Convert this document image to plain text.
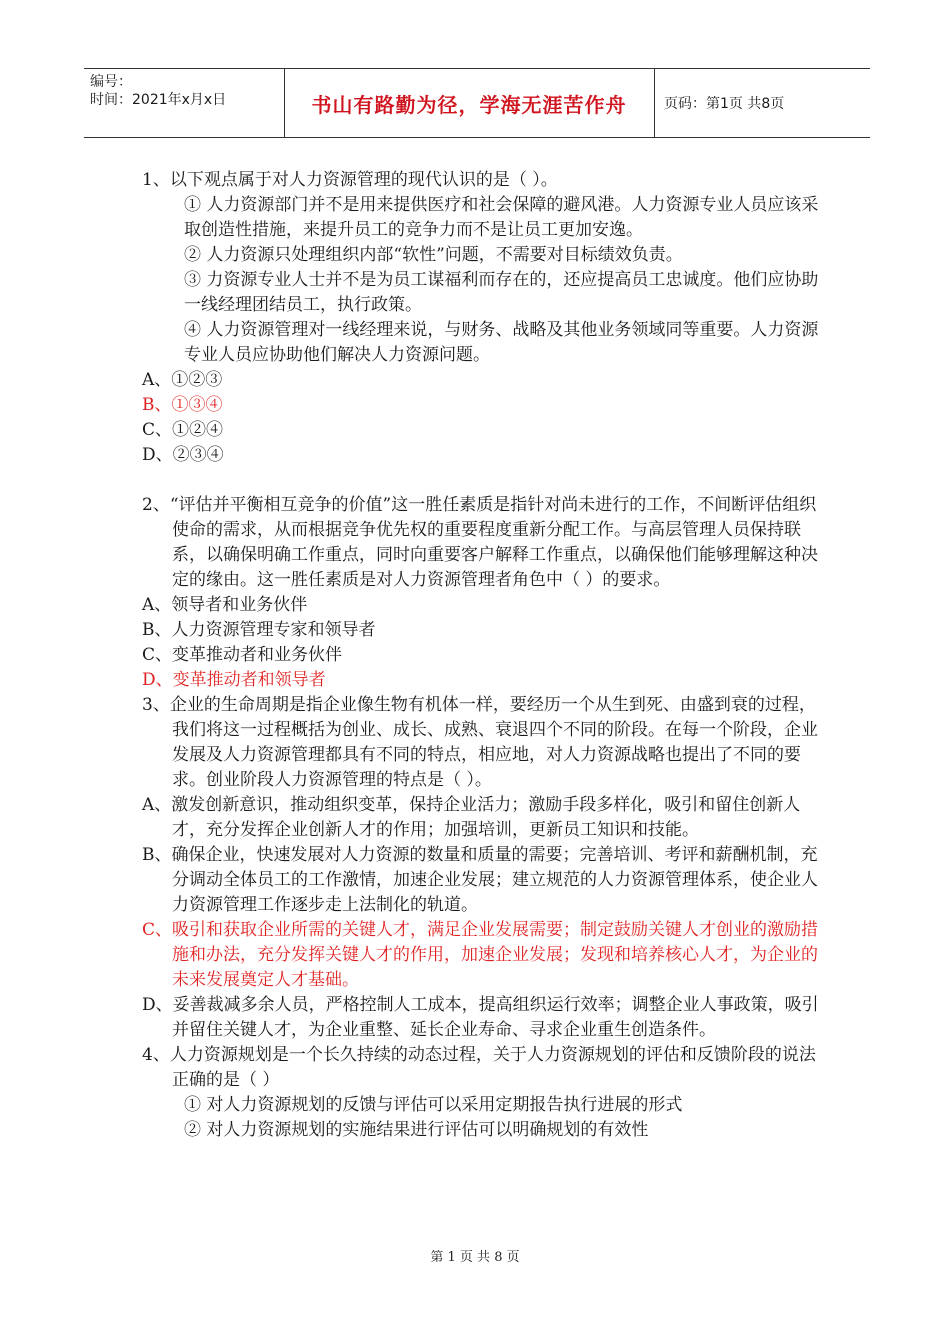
编号：
时间：2021年x月x日	书山有路勤为径，学海无涯苦作舟	页码：第1页 共8页

1、以下观点属于对人力资源管理的现代认识的是（ ）。

① 人力资源部门并不是用来提供医疗和社会保障的避风港。人力资源专业人员应该采取创造性措施，来提升员工的竞争力而不是让员工更加安逸。

② 人力资源只处理组织内部“软性”问题，不需要对目标绩效负责。

③ 力资源专业人士并不是为员工谋福利而存在的，还应提高员工忠诚度。他们应协助一线经理团结员工，执行政策。

④ 人力资源管理对一线经理来说，与财务、战略及其他业务领域同等重要。人力资源专业人员应协助他们解决人力资源问题。

A、①②③

B、①③④

C、①②④

D、②③④

2、“评估并平衡相互竞争的价值”这一胜任素质是指针对尚未进行的工作，不间断评估组织使命的需求，从而根据竞争优先权的重要程度重新分配工作。与高层管理人员保持联系，以确保明确工作重点，同时向重要客户解释工作重点，以确保他们能够理解这种决定的缘由。这一胜任素质是对人力资源管理者角色中（ ）的要求。

A、领导者和业务伙伴

B、人力资源管理专家和领导者

C、变革推动者和业务伙伴

D、变革推动者和领导者

3、企业的生命周期是指企业像生物有机体一样，要经历一个从生到死、由盛到衰的过程，我们将这一过程概括为创业、成长、成熟、衰退四个不同的阶段。在每一个阶段，企业发展及人力资源管理都具有不同的特点，相应地，对人力资源战略也提出了不同的要求。创业阶段人力资源管理的特点是（ ）。

A、激发创新意识，推动组织变革，保持企业活力；激励手段多样化，吸引和留住创新人才，充分发挥企业创新人才的作用；加强培训，更新员工知识和技能。

B、确保企业，快速发展对人力资源的数量和质量的需要；完善培训、考评和薪酬机制，充分调动全体员工的工作激情，加速企业发展；建立规范的人力资源管理体系，使企业人力资源管理工作逐步走上法制化的轨道。

C、吸引和获取企业所需的关键人才，满足企业发展需要；制定鼓励关键人才创业的激励措施和办法，充分发挥关键人才的作用，加速企业发展；发现和培养核心人才，为企业的未来发展奠定人才基础。

D、妥善裁减多余人员，严格控制人工成本，提高组织运行效率；调整企业人事政策，吸引并留住关键人才，为企业重整、延长企业寿命、寻求企业重生创造条件。

4、人力资源规划是一个长久持续的动态过程，关于人力资源规划的评估和反馈阶段的说法正确的是（ ）

① 对人力资源规划的反馈与评估可以采用定期报告执行进展的形式

② 对人力资源规划的实施结果进行评估可以明确规划的有效性

第 1 页 共 8 页
